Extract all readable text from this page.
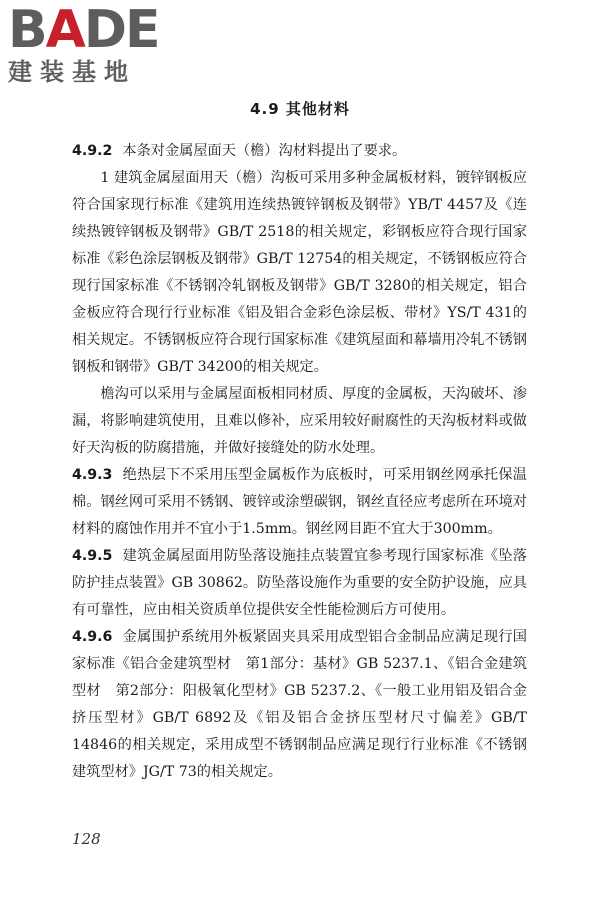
BADE
建装基地
4.9 其他材料

4.9.2 本条对金属屋面天（檐）沟材料提出了要求。

1 建筑金属屋面用天（檐）沟板可采用多种金属板材料，镀锌钢板应符合国家现行标准《建筑用连续热镀锌钢板及钢带》YB/T 4457及《连续热镀锌钢板及钢带》GB/T 2518的相关规定，彩钢板应符合现行国家标准《彩色涂层钢板及钢带》GB/T 12754的相关规定，不锈钢板应符合现行国家标准《不锈钢冷轧钢板及钢带》GB/T 3280的相关规定，铝合金板应符合现行行业标准《铝及铝合金彩色涂层板、带材》YS/T 431的相关规定。不锈钢板应符合现行国家标准《建筑屋面和幕墙用冷轧不锈钢钢板和钢带》GB/T 34200的相关规定。

檐沟可以采用与金属屋面板相同材质、厚度的金属板，天沟破坏、渗漏，将影响建筑使用，且难以修补，应采用较好耐腐性的天沟板材料或做好天沟板的防腐措施，并做好接缝处的防水处理。

4.9.3 绝热层下不采用压型金属板作为底板时，可采用钢丝网承托保温棉。钢丝网可采用不锈钢、镀锌或涂塑碳钢，钢丝直径应考虑所在环境对材料的腐蚀作用并不宜小于1.5mm。钢丝网目距不宜大于300mm。

4.9.5 建筑金属屋面用防坠落设施挂点装置宜参考现行国家标准《坠落防护挂点装置》GB 30862。防坠落设施作为重要的安全防护设施，应具有可靠性，应由相关资质单位提供安全性能检测后方可使用。

4.9.6 金属围护系统用外板紧固夹具采用成型铝合金制品应满足现行国家标准《铝合金建筑型材　第1部分：基材》GB 5237.1、《铝合金建筑型材　第2部分：阳极氧化型材》GB 5237.2、《一般工业用铝及铝合金挤压型材》GB/T 6892及《铝及铝合金挤压型材尺寸偏差》GB/T 14846的相关规定，采用成型不锈钢制品应满足现行行业标准《不锈钢建筑型材》JG/T 73的相关规定。

128
